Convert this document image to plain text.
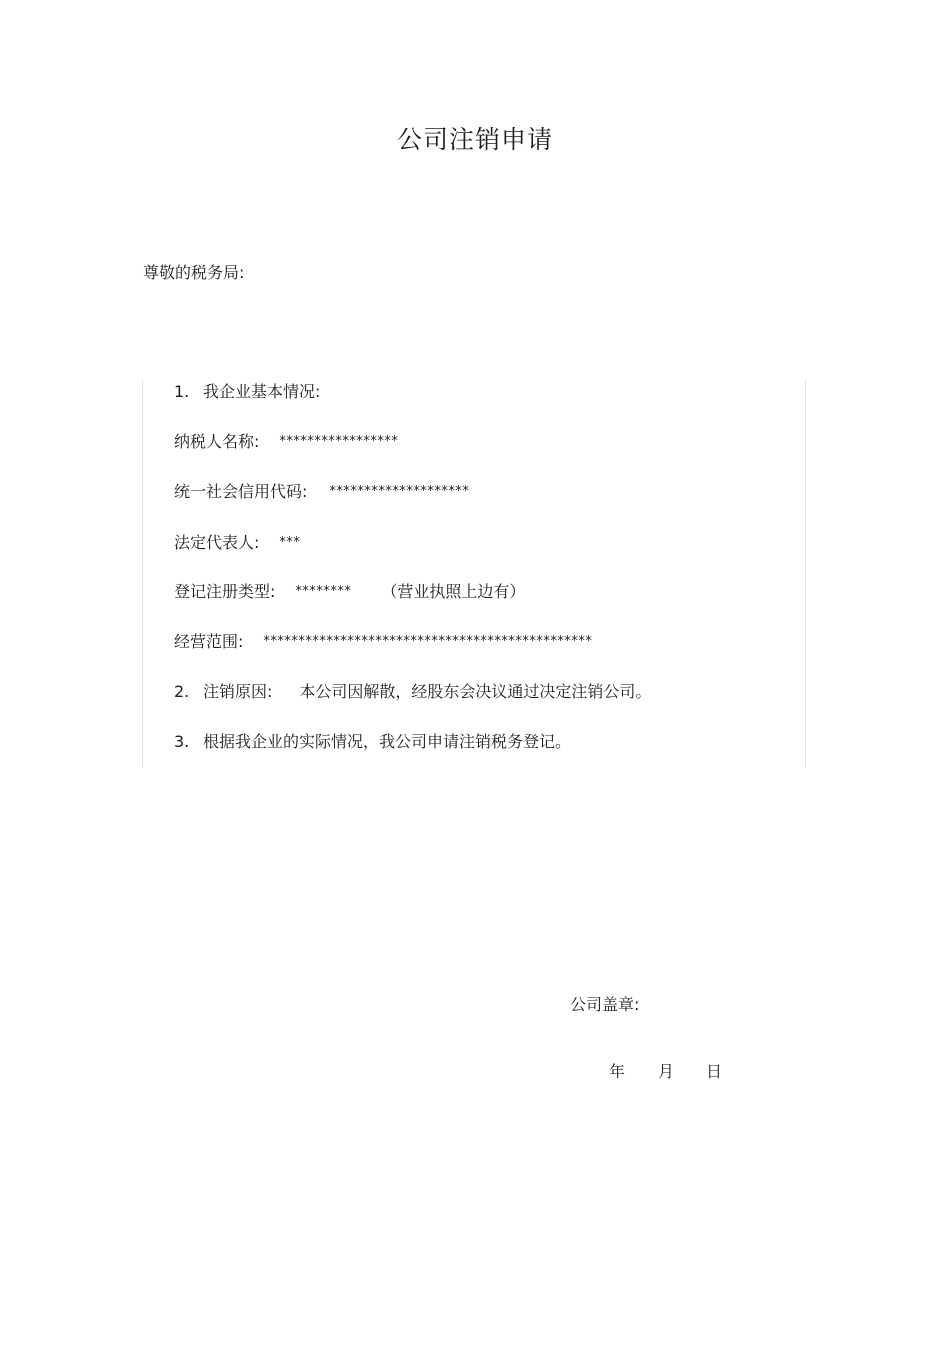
公司注销申请
尊敬的税务局:
1. 我企业基本情况:
纳税人名称: *****************
统一社会信用代码: ********************
法定代表人: ***
登记注册类型: ******** （营业执照上边有）
经营范围: ***********************************************
2. 注销原因: 本公司因解散，经股东会决议通过决定注销公司。
3. 根据我企业的实际情况，我公司申请注销税务登记。
公司盖章:
年 月 日
